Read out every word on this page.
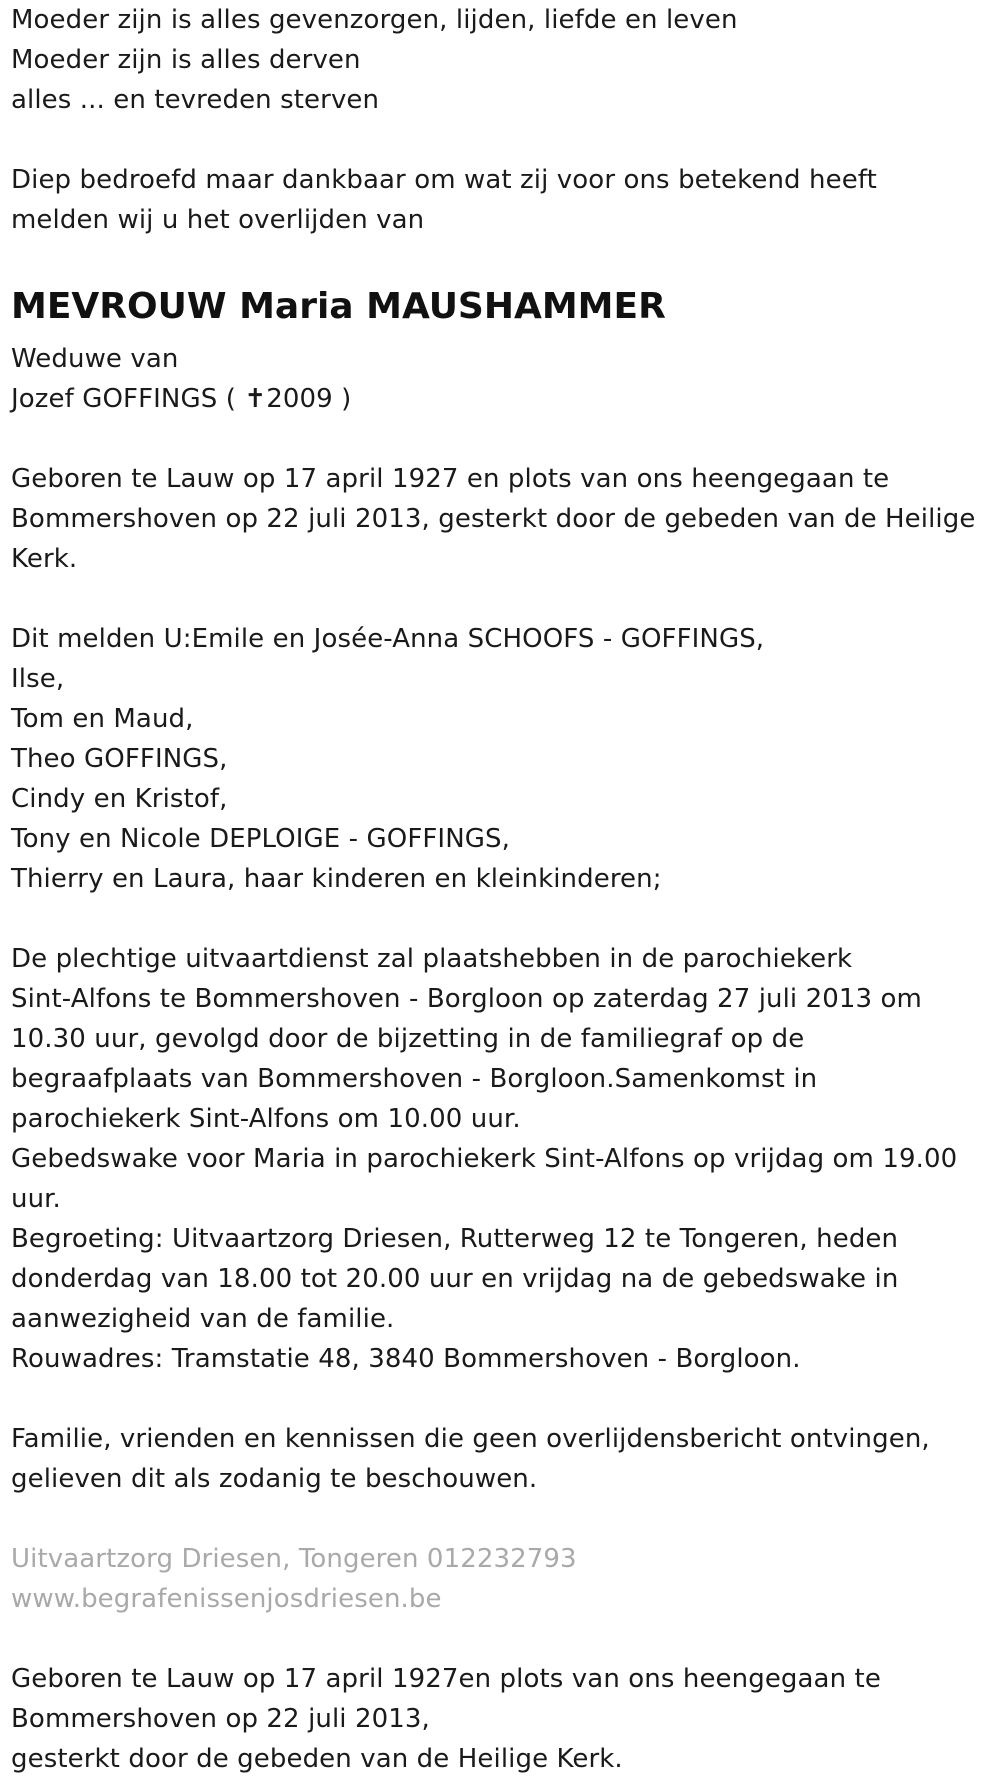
Moeder zijn is alles gevenzorgen, lijden, liefde en leven
Moeder zijn is alles derven
alles ... en tevreden sterven
Diep bedroefd maar dankbaar om wat zij voor ons betekend heeft
melden wij u het overlijden van
MEVROUW Maria MAUSHAMMER
Weduwe van
Jozef GOFFINGS ( ✝2009 )
Geboren te Lauw op 17 april 1927 en plots van ons heengegaan te
Bommershoven op 22 juli 2013, gesterkt door de gebeden van de Heilige
Kerk.
Dit melden U:Emile en Josée-Anna SCHOOFS - GOFFINGS,
Ilse,
Tom en Maud,
Theo GOFFINGS,
Cindy en Kristof,
Tony en Nicole DEPLOIGE - GOFFINGS,
Thierry en Laura, haar kinderen en kleinkinderen;
De plechtige uitvaartdienst zal plaatshebben in de parochiekerk
Sint-Alfons te Bommershoven - Borgloon op zaterdag 27 juli 2013 om
10.30 uur, gevolgd door de bijzetting in de familiegraf op de
begraafplaats van Bommershoven - Borgloon.Samenkomst in
parochiekerk Sint-Alfons om 10.00 uur.
Gebedswake voor Maria in parochiekerk Sint-Alfons op vrijdag om 19.00
uur.
Begroeting: Uitvaartzorg Driesen, Rutterweg 12 te Tongeren, heden
donderdag van 18.00 tot 20.00 uur en vrijdag na de gebedswake in
aanwezigheid van de familie.
Rouwadres: Tramstatie 48, 3840 Bommershoven - Borgloon.
Familie, vrienden en kennissen die geen overlijdensbericht ontvingen,
gelieven dit als zodanig te beschouwen.
Uitvaartzorg Driesen, Tongeren 012232793
www.begrafenissenjosdriesen.be
Geboren te Lauw op 17 april 1927en plots van ons heengegaan te
Bommershoven op 22 juli 2013,
gesterkt door de gebeden van de Heilige Kerk.
